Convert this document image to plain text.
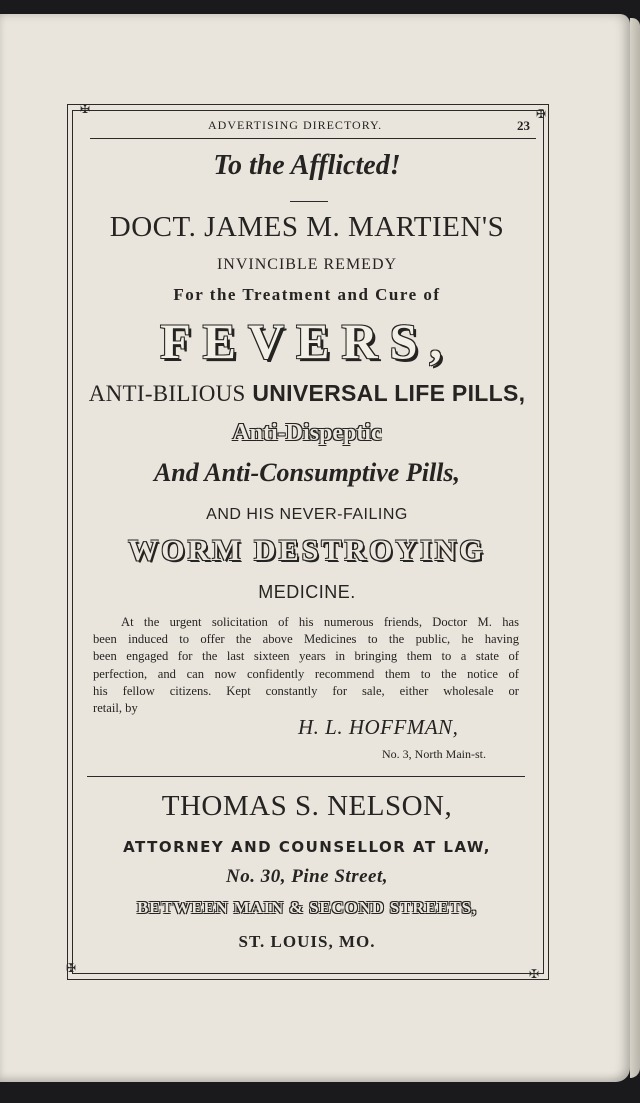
✠	✠
✠	✠
ADVERTISING DIRECTORY.	23
To the Afflicted!
DOCT. JAMES M. MARTIEN'S
INVINCIBLE REMEDY
For the Treatment and Cure of
FEVERS,
ANTI-BILIOUS UNIVERSAL LIFE PILLS,
Anti-Dispeptic
And Anti-Consumptive Pills,
AND HIS NEVER-FAILING
WORM DESTROYING
MEDICINE.
At the urgent solicitation of his numerous friends, Doctor M. has
been induced to offer the above Medicines to the public, he having
been engaged for the last sixteen years in bringing them to a state of
perfection, and can now confidently recommend them to the notice of
his fellow citizens. Kept constantly for sale, either wholesale or
retail, by
H. L. HOFFMAN,
No. 3, North Main-st.
THOMAS S. NELSON,
ATTORNEY AND COUNSELLOR AT LAW,
No. 30, Pine Street,
BETWEEN MAIN & SECOND STREETS,
ST. LOUIS, MO.
